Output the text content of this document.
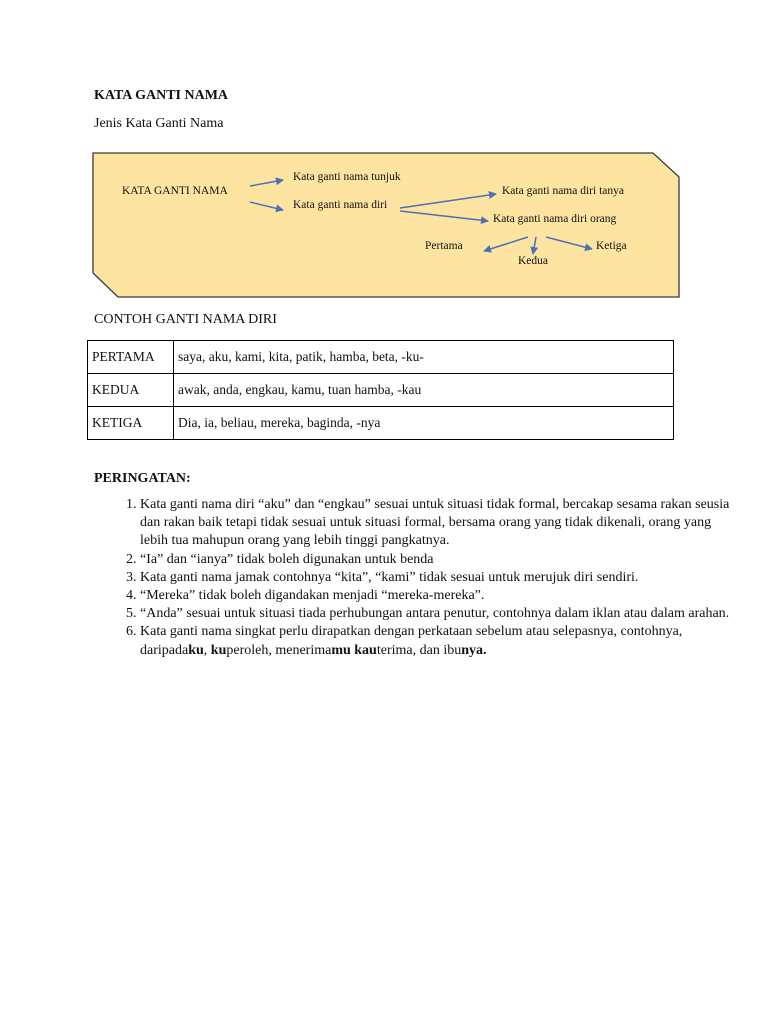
KATA GANTI NAMA
Jenis Kata Ganti Nama
KATA GANTI NAMA
Kata ganti nama tunjuk
Kata ganti nama diri
Kata ganti nama diri tanya
Kata ganti nama diri orang
Pertama
Kedua
Ketiga
CONTOH GANTI NAMA DIRI
PERTAMA	saya, aku, kami, kita, patik, hamba, beta, -ku-
KEDUA	awak, anda, engkau, kamu, tuan hamba, -kau
KETIGA	Dia, ia, beliau, mereka, baginda, -nya
PERINGATAN:
1. Kata ganti nama diri “aku” dan “engkau” sesuai untuk situasi tidak formal, bercakap sesama rakan seusia dan rakan baik tetapi tidak sesuai untuk situasi formal, bersama orang yang tidak dikenali, orang yang lebih tua mahupun orang yang lebih tinggi pangkatnya.
2. “Ia” dan “ianya” tidak boleh digunakan untuk benda
3. Kata ganti nama jamak contohnya “kita”, “kami” tidak sesuai untuk merujuk diri sendiri.
4. “Mereka” tidak boleh digandakan menjadi “mereka-mereka”.
5. “Anda” sesuai untuk situasi tiada perhubungan antara penutur, contohnya dalam iklan atau dalam arahan.
6. Kata ganti nama singkat perlu dirapatkan dengan perkataan sebelum atau selepasnya, contohnya, daripadaku, kuperoleh, menerimamu kauterima, dan ibunya.
